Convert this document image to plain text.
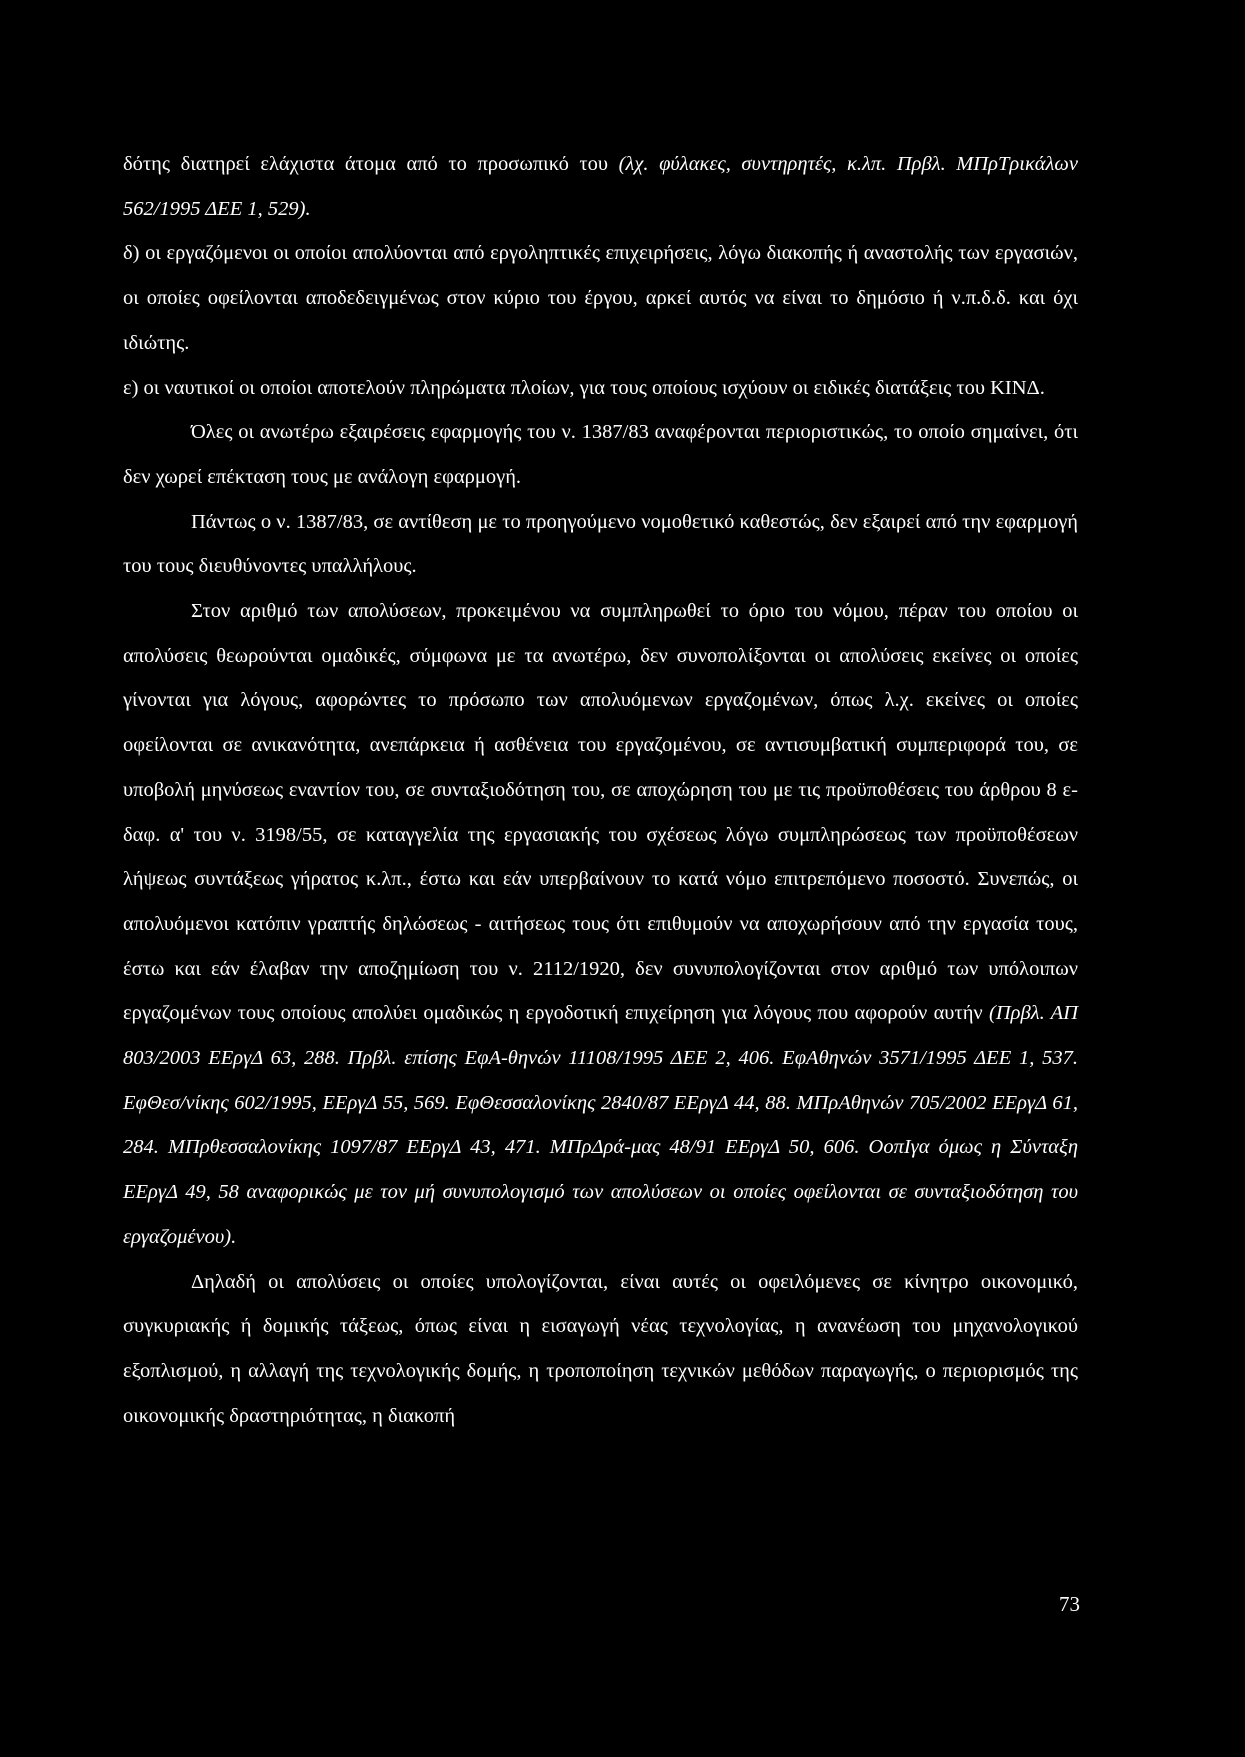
δότης διατηρεί ελάχιστα άτομα από το προσωπικό του (λχ. φύλακες, συντηρητές, κ.λπ. Πρβλ. ΜΠρΤρικάλων 562/1995 ΔΕΕ 1, 529).

δ) οι εργαζόμενοι οι οποίοι απολύονται από εργοληπτικές επιχειρήσεις, λόγω διακοπής ή αναστολής των εργασιών, οι οποίες οφείλονται αποδεδειγμένως στον κύριο του έργου, αρκεί αυτός να είναι το δημόσιο ή ν.π.δ.δ. και όχι ιδιώτης.

ε) οι ναυτικοί οι οποίοι αποτελούν πληρώματα πλοίων, για τους οποίους ισχύουν οι ειδικές διατάξεις του ΚΙΝΔ.

Όλες οι ανωτέρω εξαιρέσεις εφαρμογής του ν. 1387/83 αναφέρονται περιοριστικώς, το οποίο σημαίνει, ότι δεν χωρεί επέκταση τους με ανάλογη εφαρμογή.

Πάντως ο ν. 1387/83, σε αντίθεση με το προηγούμενο νομοθετικό καθεστώς, δεν εξαιρεί από την εφαρμογή του τους διευθύνοντες υπαλλήλους.

Στον αριθμό των απολύσεων, προκειμένου να συμπληρωθεί το όριο του νόμου, πέραν του οποίου οι απολύσεις θεωρούνται ομαδικές, σύμφωνα με τα ανωτέρω, δεν συνοπολίξονται οι απολύσεις εκείνες οι οποίες γίνονται για λόγους, αφορώντες το πρόσωπο των απολυόμενων εργαζομένων, όπως λ.χ. εκείνες οι οποίες οφείλονται σε ανικανότητα, ανεπάρκεια ή ασθένεια του εργαζομένου, σε αντισυμβατική συμπεριφορά του, σε υποβολή μηνύσεως εναντίον του, σε συνταξιοδότηση του, σε αποχώρηση του με τις προϋποθέσεις του άρθρου 8 εδαφ. α' του ν. 3198/55, σε καταγγελία της εργασιακής του σχέσεως λόγω συμπληρώσεως των προϋποθέσεων λήψεως συντάξεως γήρατος κ.λπ., έστω και εάν υπερβαίνουν το κατά νόμο επιτρεπόμενο ποσοστό. Συνεπώς, οι απολυόμενοι κατόπιν γραπτής δηλώσεως - αιτήσεως τους ότι επιθυμούν να αποχωρήσουν από την εργασία τους, έστω και εάν έλαβαν την αποζημίωση του ν. 2112/1920, δεν συνυπολογίζονται στον αριθμό των υπόλοιπων εργαζομένων τους οποίους απολύει ομαδικώς η εργοδοτική επιχείρηση για λόγους που αφορούν αυτήν (Πρβλ. ΑΠ 803/2003 ΕΕργΔ 63, 288. Πρβλ. επίσης ΕφΑ-θηνών 11108/1995 ΔΕΕ 2, 406. ΕφΑθηνών 3571/1995 ΔΕΕ 1, 537. ΕφΘεσ/νίκης 602/1995, ΕΕργΔ 55, 569. ΕφΘεσσαλονίκης 2840/87 ΕΕργΔ 44, 88. ΜΠρΑθηνών 705/2002 ΕΕργΔ 61, 284. ΜΠρθεσσαλονίκης 1097/87 ΕΕργΔ 43, 471. ΜΠρΔρά-μας 48/91 ΕΕργΔ 50, 606. ΟοπΙγα όμως η Σύνταξη ΕΕργΔ 49, 58 αναφορικώς με τον μή συνυπολογισμό των απολύσεων οι οποίες οφείλονται σε συνταξιοδότηση του εργαζομένου).

Δηλαδή οι απολύσεις οι οποίες υπολογίζονται, είναι αυτές οι οφειλόμενες σε κίνητρο οικονομικό, συγκυριακής ή δομικής τάξεως, όπως είναι η εισαγωγή νέας τεχνολογίας, η ανανέωση του μηχανολογικού εξοπλισμού, η αλλαγή της τεχνολογικής δομής, η τροποποίηση τεχνικών μεθόδων παραγωγής, ο περιορισμός της οικονομικής δραστηριότητας, η διακοπή

73
